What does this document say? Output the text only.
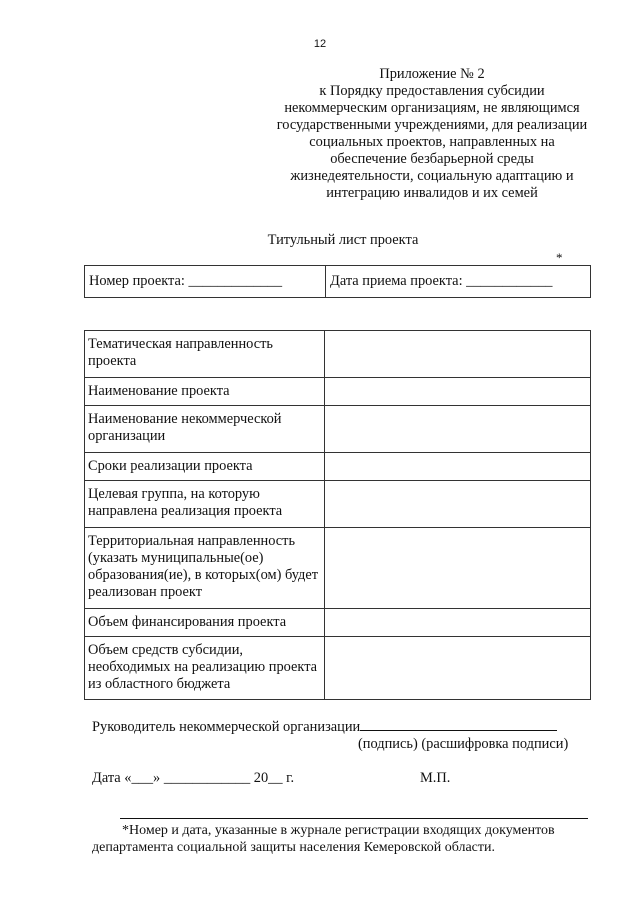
12
Приложение № 2
к Порядку предоставления субсидии
некоммерческим организациям, не являющимся
государственными учреждениями, для реализации
социальных проектов, направленных на
обеспечение безбарьерной среды
жизнедеятельности, социальную адаптацию и
интеграцию инвалидов и их семей
Титульный лист проекта
*
Номер проекта: _____________	Дата приема проекта: ____________
Тематическая направленность проекта	
Наименование проекта	
Наименование некоммерческой организации	
Сроки реализации проекта	
Целевая группа, на которую направлена реализация проекта	
Территориальная направленность (указать муниципальные(ое) образования(ие), в которых(ом) будет реализован проект	
Объем финансирования проекта	
Объем средств субсидии, необходимых на реализацию проекта из областного бюджета	
Руководитель некоммерческой организации
(подпись) (расшифровка подписи)
Дата «___» ____________ 20__ г.	М.П.
*Номер и дата, указанные в журнале регистрации входящих документов
департамента социальной защиты населения Кемеровской области.
